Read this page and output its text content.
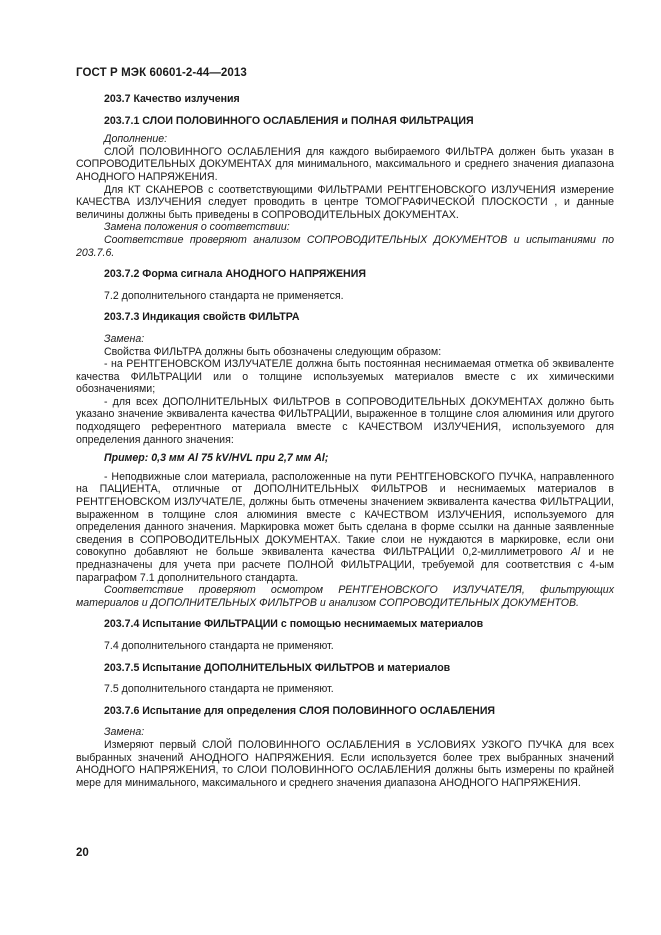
ГОСТ Р МЭК 60601-2-44—2013

203.7 Качество излучения

203.7.1 СЛОИ ПОЛОВИННОГО ОСЛАБЛЕНИЯ и ПОЛНАЯ ФИЛЬТРАЦИЯ

Дополнение:

СЛОЙ ПОЛОВИННОГО ОСЛАБЛЕНИЯ для каждого выбираемого ФИЛЬТРА должен быть указан в СОПРОВОДИТЕЛЬНЫХ ДОКУМЕНТАХ для минимального, максимального и среднего значения диапазона АНОДНОГО НАПРЯЖЕНИЯ.

Для КТ СКАНЕРОВ с соответствующими ФИЛЬТРАМИ РЕНТГЕНОВСКОГО ИЗЛУЧЕНИЯ измерение КАЧЕСТВА ИЗЛУЧЕНИЯ следует проводить в центре ТОМОГРАФИЧЕСКОЙ ПЛОСКОСТИ , и данные величины должны быть приведены в СОПРОВОДИТЕЛЬНЫХ ДОКУМЕНТАХ.

Замена положения о соответствии:

Соответствие проверяют анализом СОПРОВОДИТЕЛЬНЫХ ДОКУМЕНТОВ и испытаниями по 203.7.6.

203.7.2 Форма сигнала АНОДНОГО НАПРЯЖЕНИЯ

7.2 дополнительного стандарта не применяется.

203.7.3 Индикация свойств ФИЛЬТРА

Замена:

Свойства ФИЛЬТРА должны быть обозначены следующим образом:

- на РЕНТГЕНОВСКОМ ИЗЛУЧАТЕЛЕ должна быть постоянная неснимаемая отметка об эквиваленте качества ФИЛЬТРАЦИИ или о толщине используемых материалов вместе с их химическими обозначениями;

- для всех ДОПОЛНИТЕЛЬНЫХ ФИЛЬТРОВ в СОПРОВОДИТЕЛЬНЫХ ДОКУМЕНТАХ должно быть указано значение эквивалента качества ФИЛЬТРАЦИИ, выраженное в толщине слоя алюминия или другого подходящего референтного материала вместе с КАЧЕСТВОМ ИЗЛУЧЕНИЯ, используемого для определения данного значения:

Пример: 0,3 мм Al 75 kV/HVL при 2,7 мм Al;

- Неподвижные слои материала, расположенные на пути РЕНТГЕНОВСКОГО ПУЧКА, направленного на ПАЦИЕНТА, отличные от ДОПОЛНИТЕЛЬНЫХ ФИЛЬТРОВ и неснимаемых материалов в РЕНТГЕНОВСКОМ ИЗЛУЧАТЕЛЕ, должны быть отмечены значением эквивалента качества ФИЛЬТРАЦИИ, выраженном в толщине слоя алюминия вместе с КАЧЕСТВОМ ИЗЛУЧЕНИЯ, используемого для определения данного значения. Маркировка может быть сделана в форме ссылки на данные заявленные сведения в СОПРОВОДИТЕЛЬНЫХ ДОКУМЕНТАХ. Такие слои не нуждаются в маркировке, если они совокупно добавляют не больше эквивалента качества ФИЛЬТРАЦИИ 0,2-миллиметрового Al и не предназначены для учета при расчете ПОЛНОЙ ФИЛЬТРАЦИИ, требуемой для соответствия с 4-ым параграфом 7.1 дополнительного стандарта.

Соответствие проверяют осмотром РЕНТГЕНОВСКОГО ИЗЛУЧАТЕЛЯ, фильтрующих материалов и ДОПОЛНИТЕЛЬНЫХ ФИЛЬТРОВ и анализом СОПРОВОДИТЕЛЬНЫХ ДОКУМЕНТОВ.

203.7.4 Испытание ФИЛЬТРАЦИИ с помощью неснимаемых материалов

7.4 дополнительного стандарта не применяют.

203.7.5 Испытание ДОПОЛНИТЕЛЬНЫХ ФИЛЬТРОВ и материалов

7.5 дополнительного стандарта не применяют.

203.7.6 Испытание для определения СЛОЯ ПОЛОВИННОГО ОСЛАБЛЕНИЯ

Замена:

Измеряют первый СЛОЙ ПОЛОВИННОГО ОСЛАБЛЕНИЯ в УСЛОВИЯХ УЗКОГО ПУЧКА для всех выбранных значений АНОДНОГО НАПРЯЖЕНИЯ. Если используется более трех выбранных значений АНОДНОГО НАПРЯЖЕНИЯ, то СЛОИ ПОЛОВИННОГО ОСЛАБЛЕНИЯ должны быть измерены по крайней мере для минимального, максимального и среднего значения диапазона АНОДНОГО НАПРЯЖЕНИЯ.

20
